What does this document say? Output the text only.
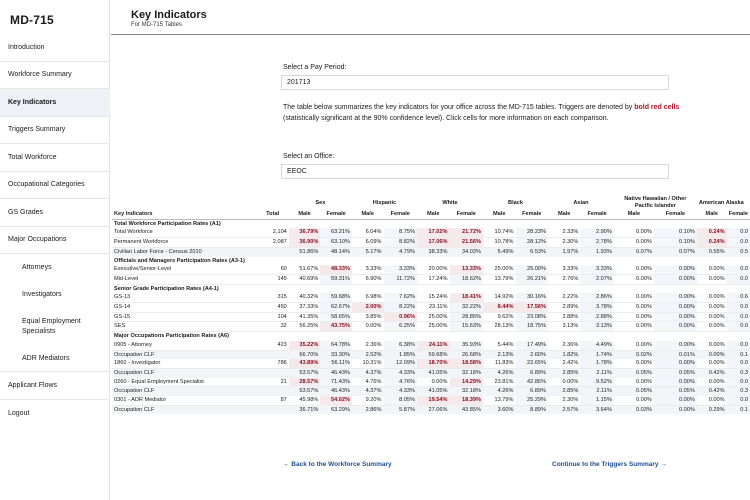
MD-715
Introduction
Workforce Summary
Key Indicators
Triggers Summary
Total Workforce
Occupational Categories
GS Grades
Major Occupations
Attorneys
Investigators
Equal Employment Specialists
ADR Mediators
Applicant Flows
Logout
Key Indicators
For MD-715 Tables
Select a Pay Period:
201713
The table below summarizes the key indicators for your office across the MD-715 tables. Triggers are denoted by bold red cells (statistically significant at the 90% confidence level). Click cells for more information on each comparison.
Select an Office:
EEOC
		Sex		Hispanic		White		Black		Asian		Native Hawaiian / Other Pacific Islander		American Alaska	
Key Indicators	Total	Male	Female	Male	Female	Male	Female	Male	Female	Male	Female	Male	Female	Male	Female
Total Workforce Participation Rates (A1)															
Total Workforce	2,104	36.79%	63.21%	6.04%	8.75%	17.02%	21.72%	10.74%	28.23%	2.33%	2.90%	0.00%	0.10%	0.24%	0.0
Permanent Workforce	2,087	36.90%	63.10%	6.09%	8.82%	17.06%	21.56%	10.78%	28.12%	2.30%	2.78%	0.00%	0.10%	0.24%	0.0
Civilian Labor Force - Census 2010		51.86%	48.14%	5.17%	4.79%	38.33%	34.03%	5.49%	6.53%	1.97%	1.93%	0.07%	0.07%	0.55%	0.5
Officials and Managers Participation Rates (A3-1)															
Executive/Senior-Level	60	51.67%	48.33%	3.33%	3.33%	20.00%	13.33%	25.00%	25.00%	3.33%	3.33%	0.00%	0.00%	0.00%	0.0
Mid-Level	145	40.69%	59.31%	6.90%	11.72%	17.24%	18.62%	13.79%	26.21%	2.76%	2.07%	0.00%	0.00%	0.00%	0.0
Senior Grade Participation Rates (A4-1)															
GS-13	315	40.32%	59.68%	6.98%	7.62%	15.24%	18.41%	14.92%	30.16%	2.22%	2.86%	0.00%	0.00%	0.00%	0.6
GS-14	450	37.33%	62.67%	2.00%	8.22%	23.11%	32.22%	8.44%	17.56%	2.89%	3.78%	0.00%	0.00%	0.00%	0.0
GS-15	104	41.35%	58.65%	3.85%	0.96%	25.00%	28.85%	9.62%	23.08%	2.88%	2.88%	0.00%	0.00%	0.00%	0.0
SES	32	56.25%	43.75%	0.00%	6.25%	25.00%	15.63%	28.13%	18.75%	3.13%	3.13%	0.00%	0.00%	0.00%	0.0
Major Occupations Participation Rates (A6)															
0905 - Attorney	423	35.22%	64.78%	2.36%	6.38%	24.11%	35.93%	5.44%	17.49%	2.36%	4.49%	0.00%	0.00%	0.00%	0.0
Occupation CLF		66.70%	33.30%	2.52%	1.85%	59.68%	26.68%	2.13%	2.60%	1.82%	1.74%	0.02%	0.01%	0.00%	0.1
1860 - Investigator	786	43.89%	56.11%	10.31%	12.09%	18.70%	18.58%	11.83%	22.65%	2.42%	1.78%	0.00%	0.00%	0.00%	0.0
Occupation CLF		53.57%	46.43%	4.37%	4.33%	41.05%	32.18%	4.26%	6.89%	2.85%	2.11%	0.05%	0.05%	0.42%	0.3
0260 - Equal Employment Specialist	21	28.57%	71.43%	4.76%	4.76%	0.00%	14.29%	23.81%	42.86%	0.00%	9.52%	0.00%	0.00%	0.00%	0.0
Occupation CLF		53.57%	46.43%	4.37%	4.33%	41.05%	32.18%	4.26%	6.89%	2.85%	2.11%	0.05%	0.05%	0.42%	0.3
0301 - ADR Mediator	87	45.98%	54.02%	9.20%	8.05%	19.54%	18.39%	13.79%	25.29%	2.30%	1.15%	0.00%	0.00%	0.00%	0.0
Occupation CLF		36.71%	63.29%	2.86%	5.87%	27.06%	43.85%	3.60%	8.89%	2.57%	3.64%	0.03%	0.00%	0.29%	0.1
← Back to the Workforce Summary	Continue to the Triggers Summary →
